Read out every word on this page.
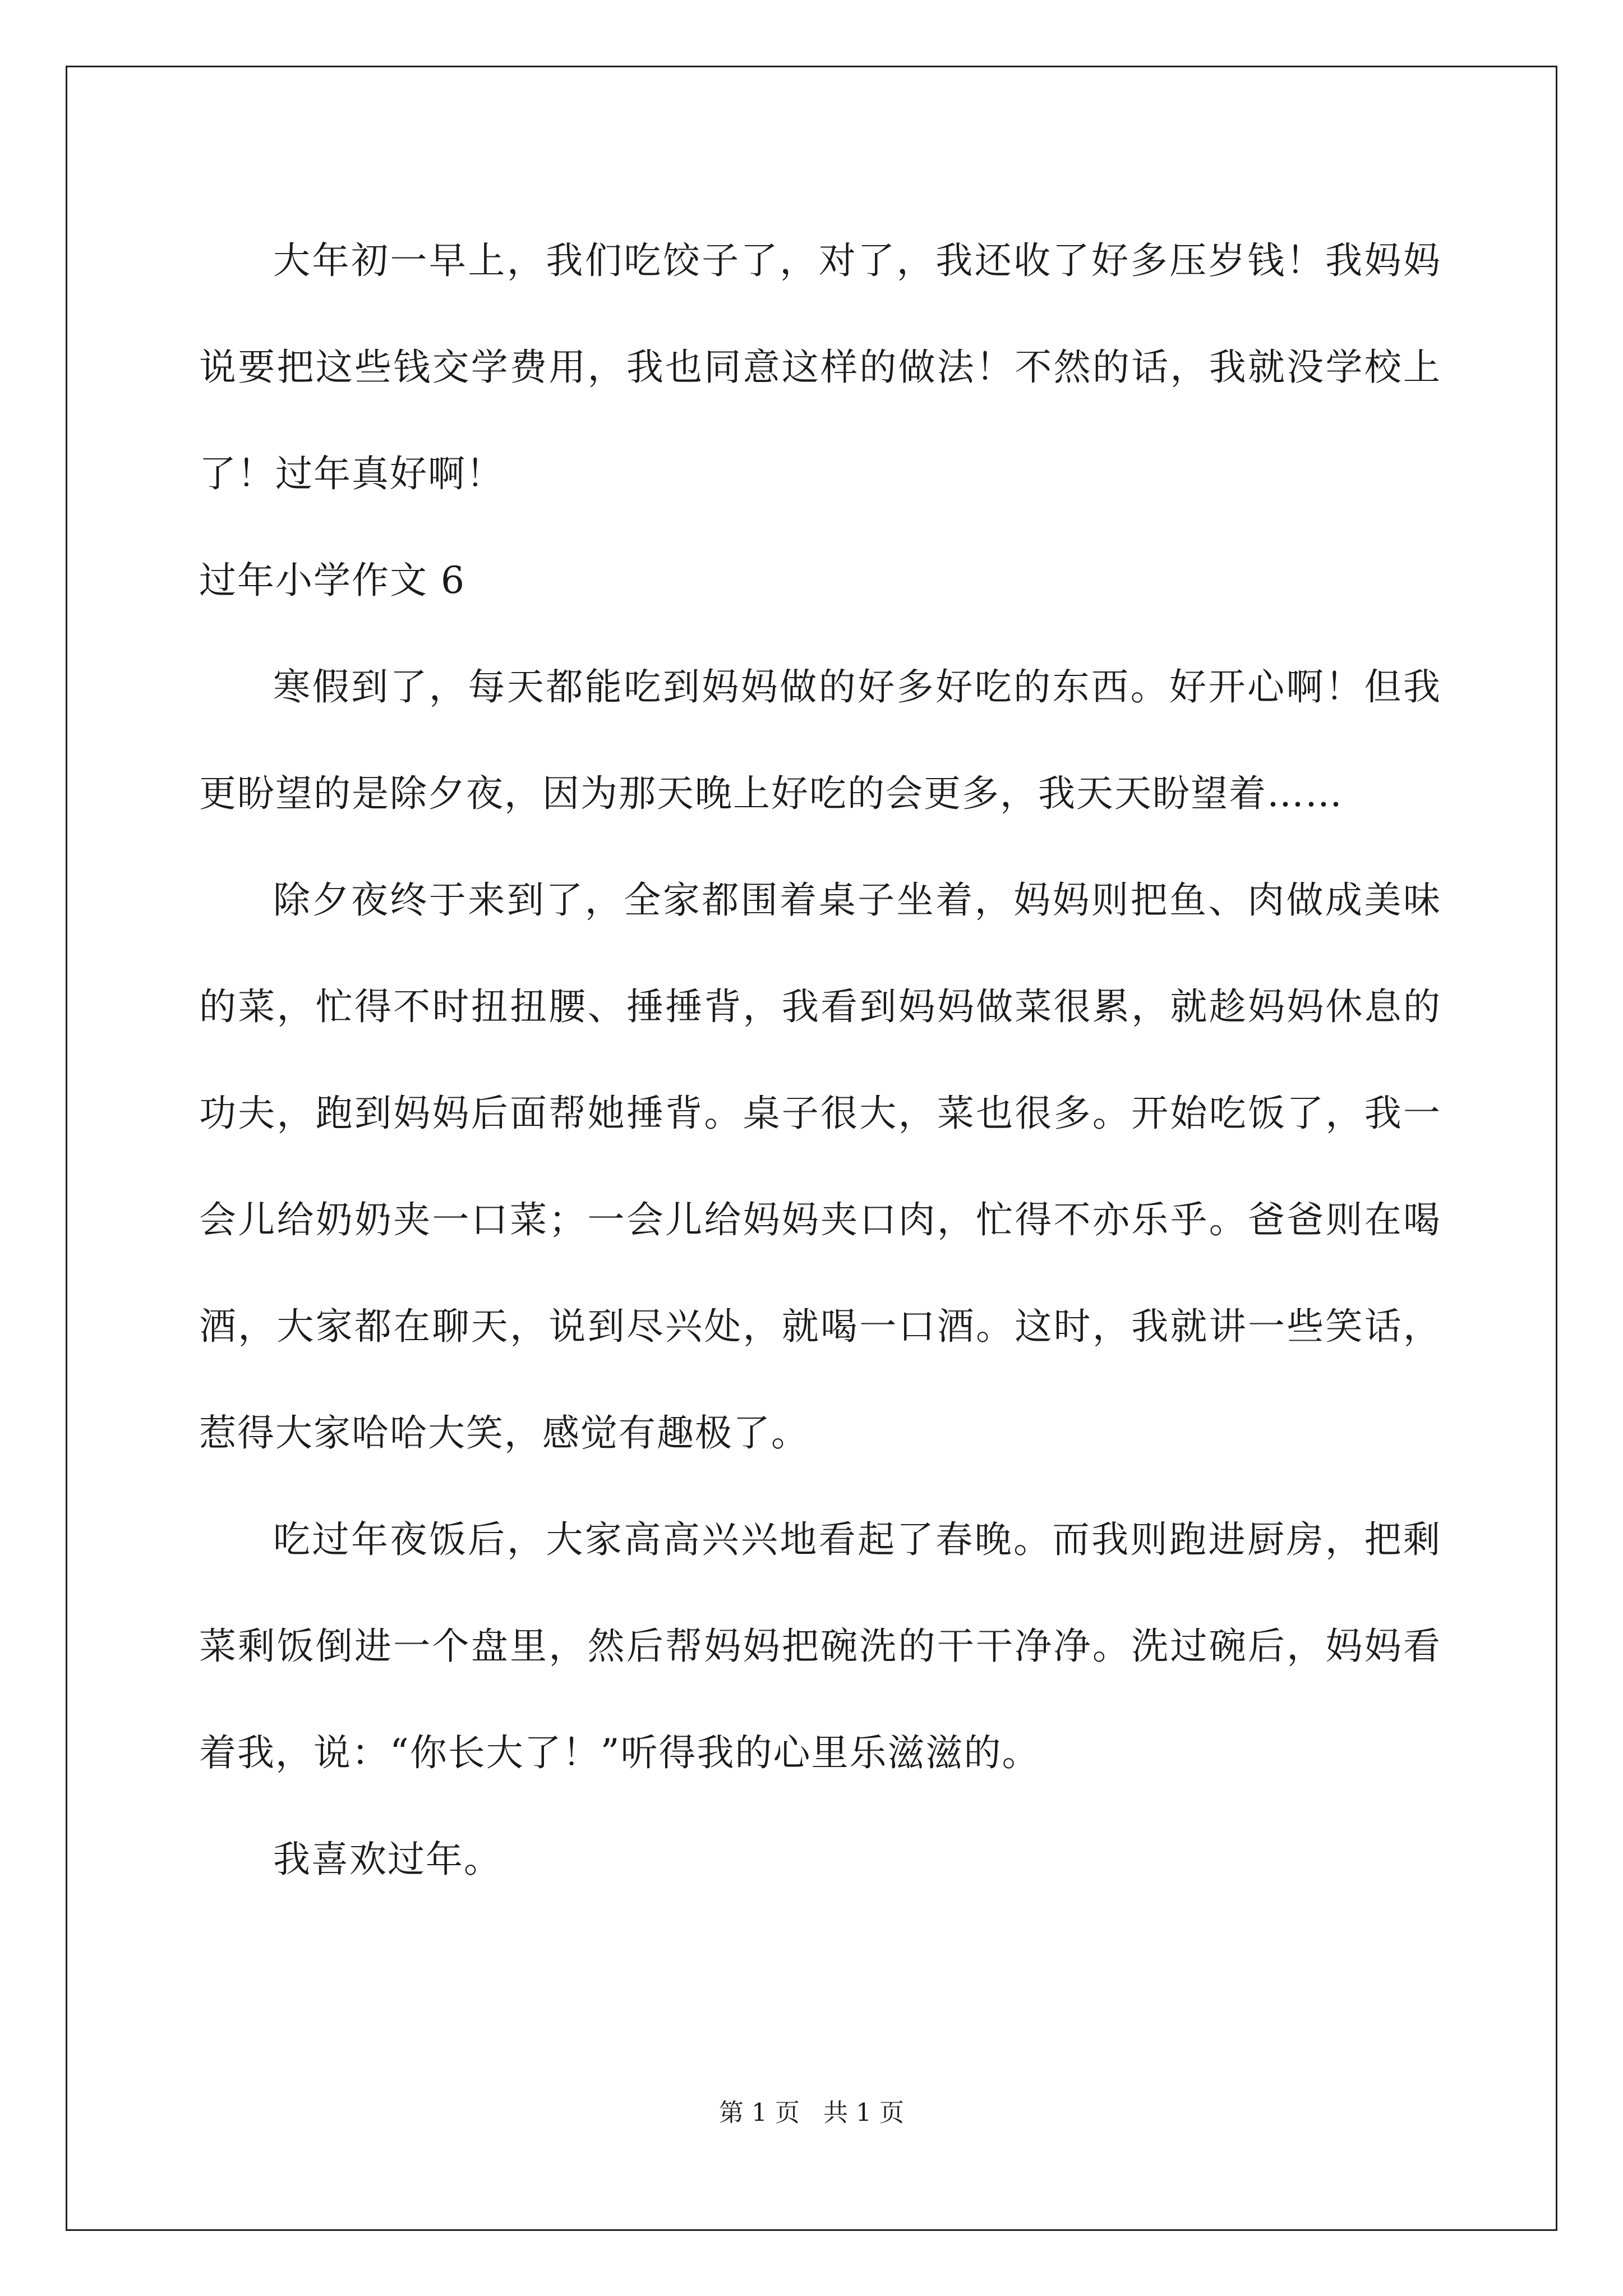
大年初一早上，我们吃饺子了，对了，我还收了好多压岁钱！我妈妈说要把这些钱交学费用，我也同意这样的做法！不然的话，我就没学校上了！过年真好啊！

过年小学作文 6

寒假到了，每天都能吃到妈妈做的好多好吃的东西。好开心啊！但我更盼望的是除夕夜，因为那天晚上好吃的会更多，我天天盼望着……

除夕夜终于来到了，全家都围着桌子坐着，妈妈则把鱼、肉做成美味的菜，忙得不时扭扭腰、捶捶背，我看到妈妈做菜很累，就趁妈妈休息的功夫，跑到妈妈后面帮她捶背。桌子很大，菜也很多。开始吃饭了，我一会儿给奶奶夹一口菜；一会儿给妈妈夹口肉，忙得不亦乐乎。爸爸则在喝酒，大家都在聊天，说到尽兴处，就喝一口酒。这时，我就讲一些笑话，惹得大家哈哈大笑，感觉有趣极了。

吃过年夜饭后，大家高高兴兴地看起了春晚。而我则跑进厨房，把剩菜剩饭倒进一个盘里，然后帮妈妈把碗洗的干干净净。洗过碗后，妈妈看着我，说：“你长大了！”听得我的心里乐滋滋的。

我喜欢过年。

第 1 页   共 1 页
